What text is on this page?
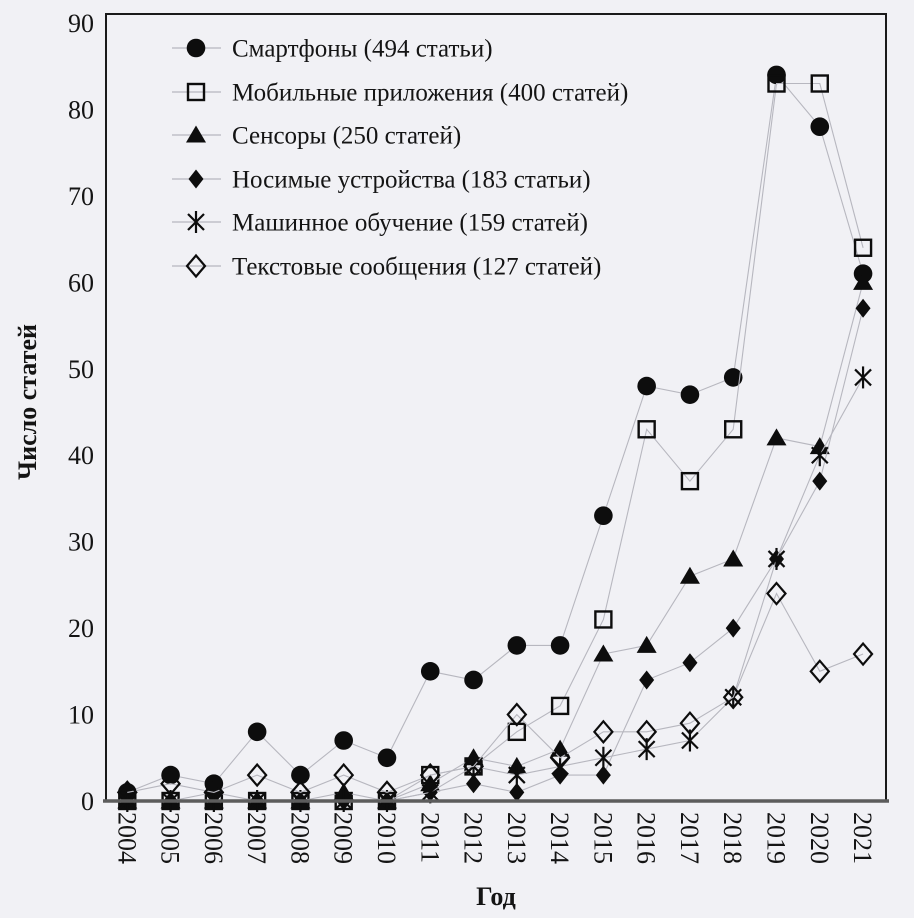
0
10
20
30
40
50
60
70
80
90
2004 2005 2006 2007 2008 2009 2010 2011 2012 2013 2014 2015 2016 2017 2018 2019 2020 2021
Смартфоны (494 статьи)
Мобильные приложения (400 статей)
Сенсоры (250 статей)
Носимые устройства (183 статьи)
Машинное обучение (159 статей)
Текстовые сообщения (127 статей)
Число статей
Год
